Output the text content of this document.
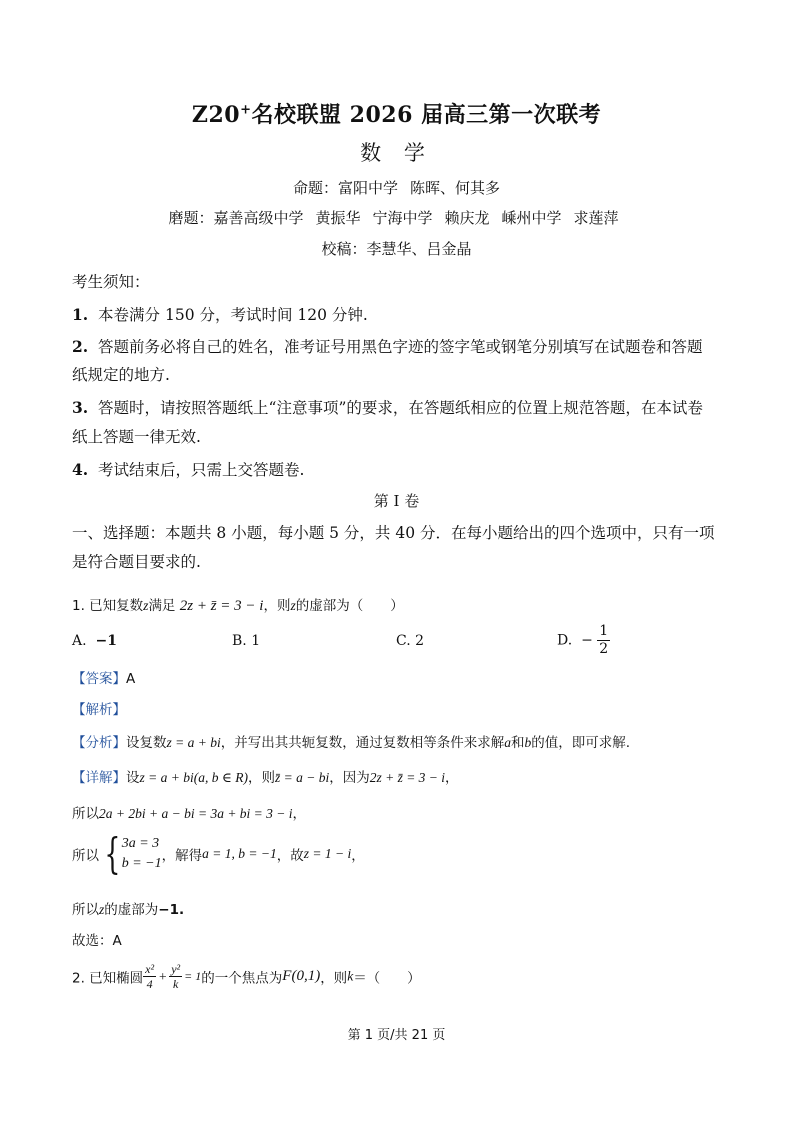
Z20+名校联盟 2026 届高三第一次联考
数 学
命题：富阳中学 陈晖、何其多
磨题：嘉善高级中学 黄振华 宁海中学 赖庆龙 嵊州中学 求莲萍
校稿：李慧华、吕金晶
考生须知：
1. 本卷满分 150 分，考试时间 120 分钟.
2. 答题前务必将自己的姓名，准考证号用黑色字迹的签字笔或钢笔分别填写在试题卷和答题
纸规定的地方.
3. 答题时，请按照答题纸上“注意事项”的要求，在答题纸相应的位置上规范答题，在本试卷
纸上答题一律无效.
4. 考试结束后，只需上交答题卷.
第 I 卷
一、选择题：本题共 8 小题，每小题 5 分，共 40 分．在每小题给出的四个选项中，只有一项
是符合题目要求的.
1. 已知复数z满足 2z + z̄ = 3 − i，则z的虚部为（　　）
A. −1	B. 1	C. 2	D. − $\frac{1}{2}$
【答案】A
【解析】
【分析】设复数z = a + bi，并写出其共轭复数，通过复数相等条件来求解a和b的值，即可求解.
【详解】设z = a + bi(a, b ∈ R)，则z̄ = a − bi，因为2z + z̄ = 3 − i，
所以2a + 2bi + a − bi = 3a + bi = 3 − i，
所以 { 3a = 3
b = −1 ，解得a = 1, b = −1，故z = 1 − i，
所以z的虚部为−1.
故选：A
2. 已知椭圆 $\frac{\text{x²}}{4} + \frac{\text{y²}}{k} = 1$的一个焦点为F(0,1)，则k＝（　　）
第 1 页/共 21 页
